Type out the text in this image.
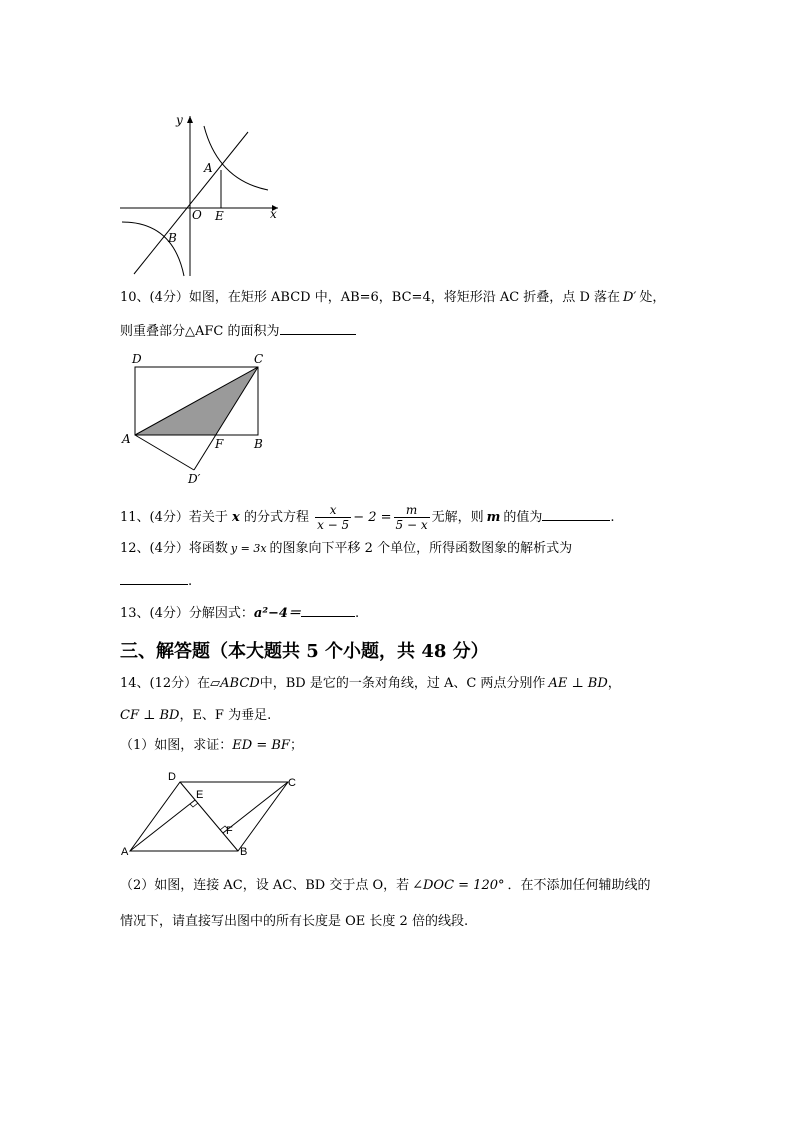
y
x
A
B
O E
10、(4分）如图，在矩形 ABCD 中，AB=6，BC=4，将矩形沿 AC 折叠，点 D 落在 D′ 处，
则重叠部分△AFC 的面积为
D	C
A	F	B
D′
11、(4分）若关于 x 的分式方程 $\frac{x}{x - 5} - 2 = \frac{m}{5 - x}$ 无解，则 m 的值为	.
12、(4分）将函数 y = 3x 的图象向下平移 2 个单位，所得函数图象的解析式为
.
13、(4分）分解因式：a²−4＝	.
三、解答题（本大题共 5 个小题，共 48 分）
14、(12分）在▱ABCD中，BD 是它的一条对角线，过 A、C 两点分别作 AE ⊥ BD，
CF ⊥ BD，E、F 为垂足.
（1）如图，求证：ED = BF；
D
E
C
F
A	B
（2）如图，连接 AC，设 AC、BD 交于点 O，若 ∠DOC = 120° ．在不添加任何辅助线的
情况下，请直接写出图中的所有长度是 OE 长度 2 倍的线段.
